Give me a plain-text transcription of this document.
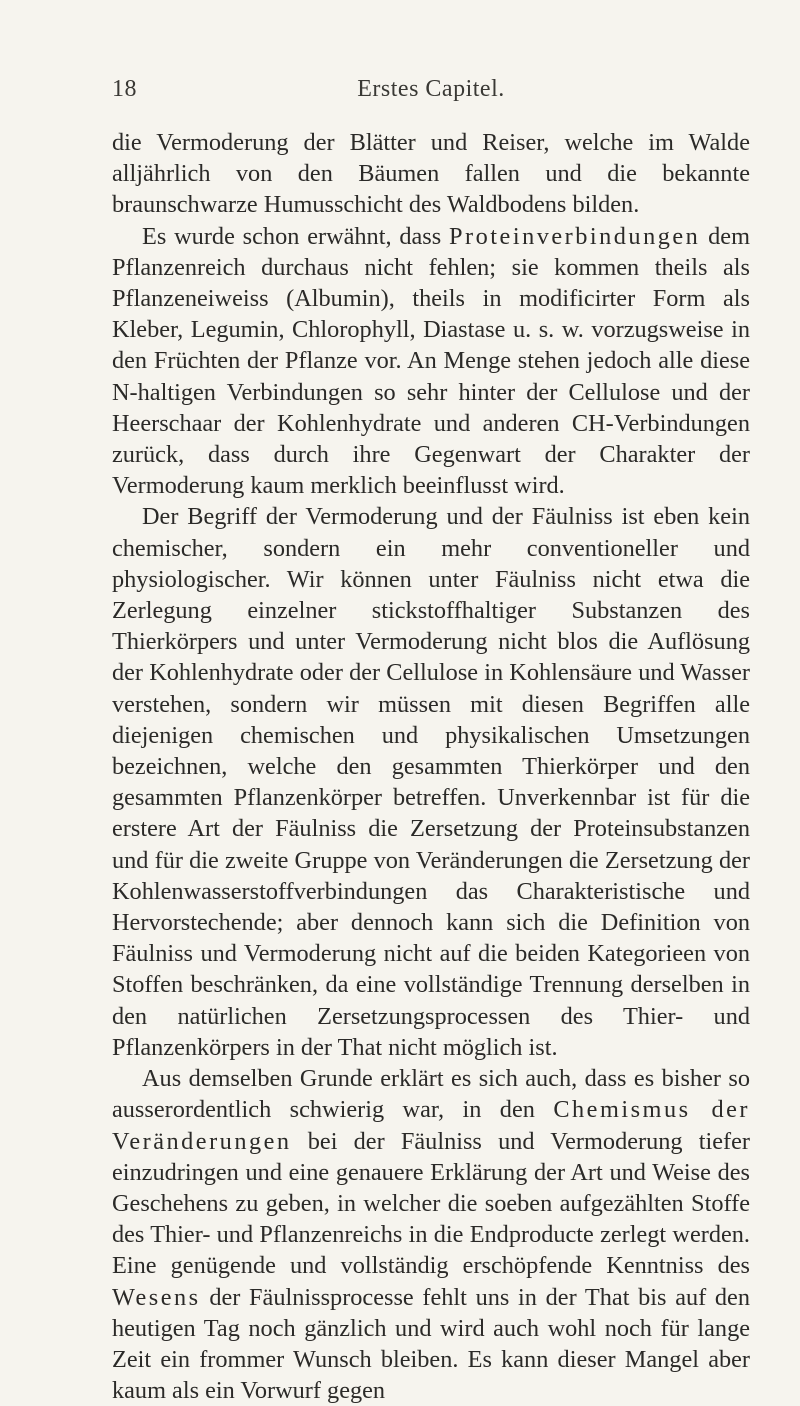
18	Erstes Capitel.

die Vermoderung der Blätter und Reiser, welche im Walde alljährlich von den Bäumen fallen und die bekannte braunschwarze Humusschicht des Waldbodens bilden.

Es wurde schon erwähnt, dass Proteinverbindungen dem Pflanzenreich durchaus nicht fehlen; sie kommen theils als Pflanzeneiweiss (Albumin), theils in modificirter Form als Kleber, Legumin, Chlorophyll, Diastase u. s. w. vorzugsweise in den Früchten der Pflanze vor. An Menge stehen jedoch alle diese N-haltigen Verbindungen so sehr hinter der Cellulose und der Heerschaar der Kohlenhydrate und anderen CH-Verbindungen zurück, dass durch ihre Gegenwart der Charakter der Vermoderung kaum merklich beeinflusst wird.

Der Begriff der Vermoderung und der Fäulniss ist eben kein chemischer, sondern ein mehr conventioneller und physiologischer. Wir können unter Fäulniss nicht etwa die Zerlegung einzelner stickstoffhaltiger Substanzen des Thierkörpers und unter Vermoderung nicht blos die Auflösung der Kohlenhydrate oder der Cellulose in Kohlensäure und Wasser verstehen, sondern wir müssen mit diesen Begriffen alle diejenigen chemischen und physikalischen Umsetzungen bezeichnen, welche den gesammten Thierkörper und den gesammten Pflanzenkörper betreffen. Unverkennbar ist für die erstere Art der Fäulniss die Zersetzung der Proteinsubstanzen und für die zweite Gruppe von Veränderungen die Zersetzung der Kohlenwasserstoffverbindungen das Charakteristische und Hervorstechende; aber dennoch kann sich die Definition von Fäulniss und Vermoderung nicht auf die beiden Kategorieen von Stoffen beschränken, da eine vollständige Trennung derselben in den natürlichen Zersetzungsprocessen des Thier- und Pflanzenkörpers in der That nicht möglich ist.

Aus demselben Grunde erklärt es sich auch, dass es bisher so ausserordentlich schwierig war, in den Chemismus der Veränderungen bei der Fäulniss und Vermoderung tiefer einzudringen und eine genauere Erklärung der Art und Weise des Geschehens zu geben, in welcher die soeben aufgezählten Stoffe des Thier- und Pflanzenreichs in die Endproducte zerlegt werden. Eine genügende und vollständig erschöpfende Kenntniss des Wesens der Fäulnissprocesse fehlt uns in der That bis auf den heutigen Tag noch gänzlich und wird auch wohl noch für lange Zeit ein frommer Wunsch bleiben. Es kann dieser Mangel aber kaum als ein Vorwurf gegen
